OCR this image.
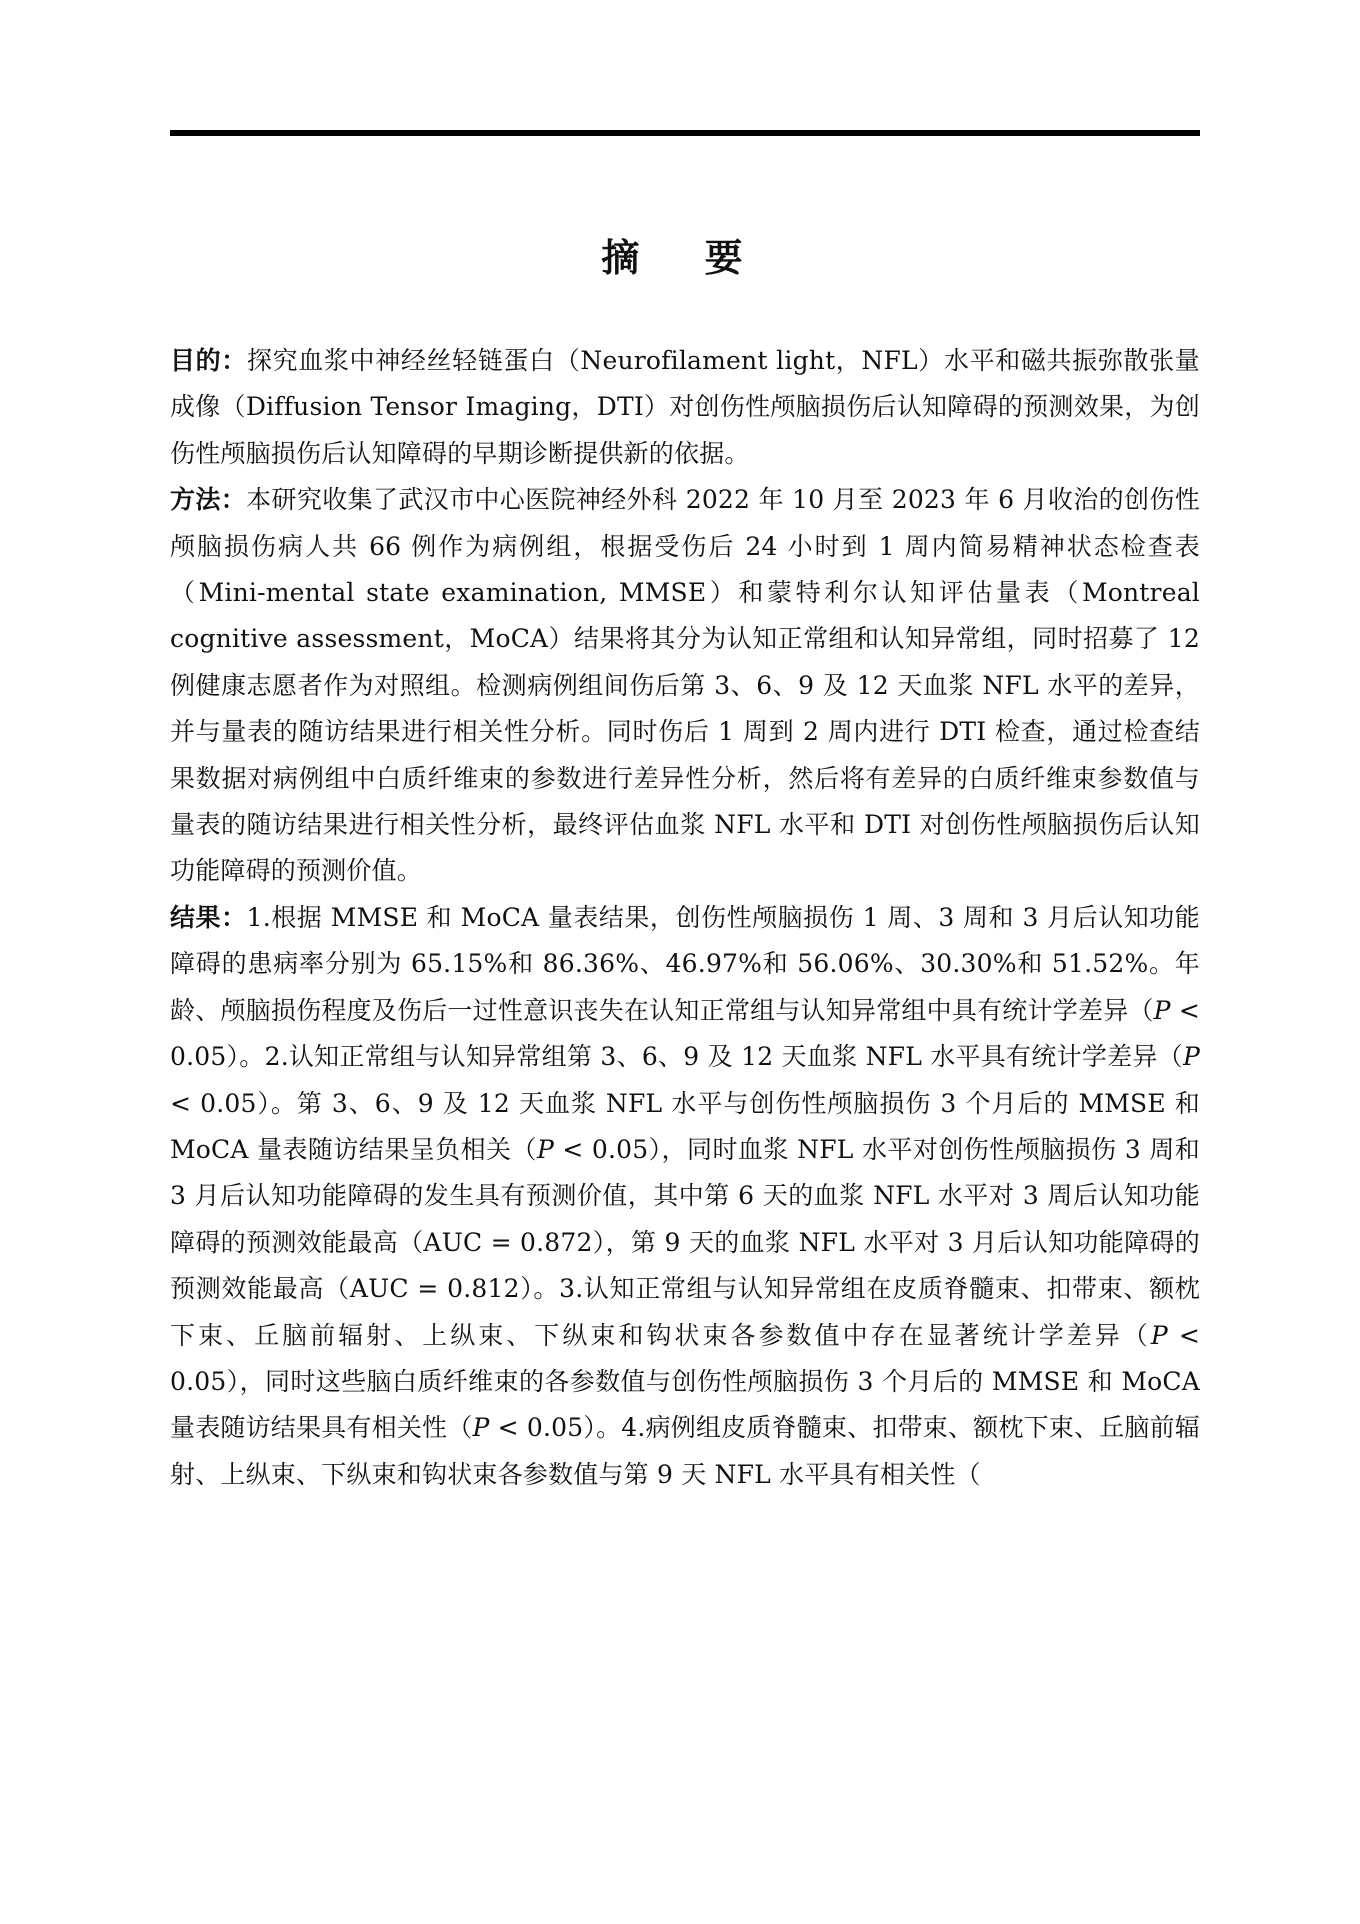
摘 要

目的：探究血浆中神经丝轻链蛋白（Neurofilament light，NFL）水平和磁共振弥散张量成像（Diffusion Tensor Imaging，DTI）对创伤性颅脑损伤后认知障碍的预测效果，为创伤性颅脑损伤后认知障碍的早期诊断提供新的依据。

方法：本研究收集了武汉市中心医院神经外科 2022 年 10 月至 2023 年 6 月收治的创伤性颅脑损伤病人共 66 例作为病例组，根据受伤后 24 小时到 1 周内简易精神状态检查表（Mini-mental state examination, MMSE）和蒙特利尔认知评估量表（Montreal cognitive assessment，MoCA）结果将其分为认知正常组和认知异常组，同时招募了 12 例健康志愿者作为对照组。检测病例组间伤后第 3、6、9 及 12 天血浆 NFL 水平的差异，并与量表的随访结果进行相关性分析。同时伤后 1 周到 2 周内进行 DTI 检查，通过检查结果数据对病例组中白质纤维束的参数进行差异性分析，然后将有差异的白质纤维束参数值与量表的随访结果进行相关性分析，最终评估血浆 NFL 水平和 DTI 对创伤性颅脑损伤后认知功能障碍的预测价值。

结果：1.根据 MMSE 和 MoCA 量表结果，创伤性颅脑损伤 1 周、3 周和 3 月后认知功能障碍的患病率分别为 65.15%和 86.36%、46.97%和 56.06%、30.30%和 51.52%。年龄、颅脑损伤程度及伤后一过性意识丧失在认知正常组与认知异常组中具有统计学差异（P < 0.05）。2.认知正常组与认知异常组第 3、6、9 及 12 天血浆 NFL 水平具有统计学差异（P < 0.05）。第 3、6、9 及 12 天血浆 NFL 水平与创伤性颅脑损伤 3 个月后的 MMSE 和 MoCA 量表随访结果呈负相关（P < 0.05），同时血浆 NFL 水平对创伤性颅脑损伤 3 周和 3 月后认知功能障碍的发生具有预测价值，其中第 6 天的血浆 NFL 水平对 3 周后认知功能障碍的预测效能最高（AUC = 0.872），第 9 天的血浆 NFL 水平对 3 月后认知功能障碍的预测效能最高（AUC = 0.812）。3.认知正常组与认知异常组在皮质脊髓束、扣带束、额枕下束、丘脑前辐射、上纵束、下纵束和钩状束各参数值中存在显著统计学差异（P < 0.05），同时这些脑白质纤维束的各参数值与创伤性颅脑损伤 3 个月后的 MMSE 和 MoCA 量表随访结果具有相关性（P < 0.05）。4.病例组皮质脊髓束、扣带束、额枕下束、丘脑前辐射、上纵束、下纵束和钩状束各参数值与第 9 天 NFL 水平具有相关性（
